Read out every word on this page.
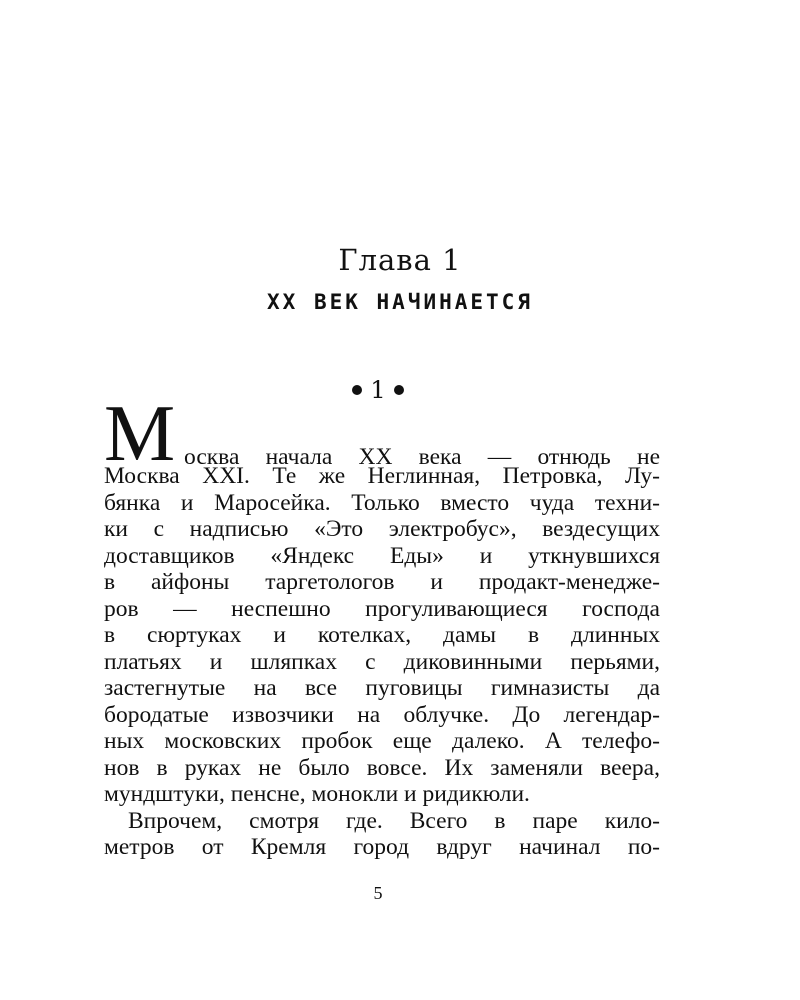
Глава 1
XX ВЕК НАЧИНАЕТСЯ
1
М осква начала XX века — отнюдь не
Москва XXI. Те же Неглинная, Петровка, Лу-
бянка и Маросейка. Только вместо чуда техни-
ки с надписью «Это электробус», вездесущих
доставщиков «Яндекс Еды» и уткнувшихся
в айфоны таргетологов и продакт-менедже-
ров — неспешно прогуливающиеся господа
в сюртуках и котелках, дамы в длинных
платьях и шляпках с диковинными перьями,
застегнутые на все пуговицы гимназисты да
бородатые извозчики на облучке. До легендар-
ных московских пробок еще далеко. А телефо-
нов в руках не было вовсе. Их заменяли веера,
мундштуки, пенсне, монокли и ридикюли.
Впрочем, смотря где. Всего в паре кило-
метров от Кремля город вдруг начинал по-
5
